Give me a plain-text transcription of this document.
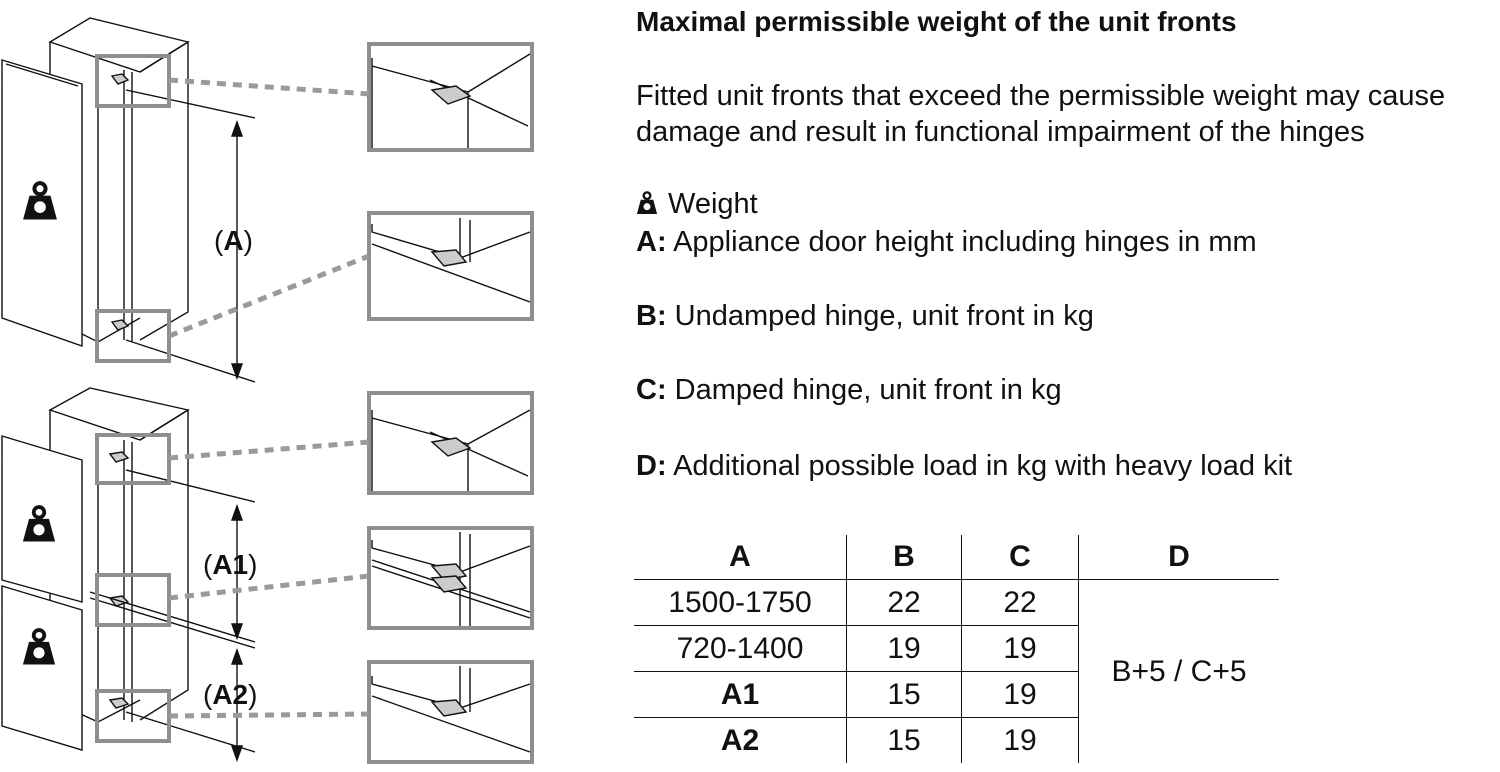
(A)
(A1)
(A2)
Maximal permissible weight of the unit fronts
Fitted unit fronts that exceed the permissible weight may cause damage and result in functional impairment of the hinges
Weight
A: Appliance door height including hinges in mm
B: Undamped hinge, unit front in kg
C: Damped hinge, unit front in kg
D: Additional possible load in kg with heavy load kit
A	B	C	D
1500-1750	22	22	B+5 / C+5
720-1400	19	19	
A1	15	19	
A2	15	19	
